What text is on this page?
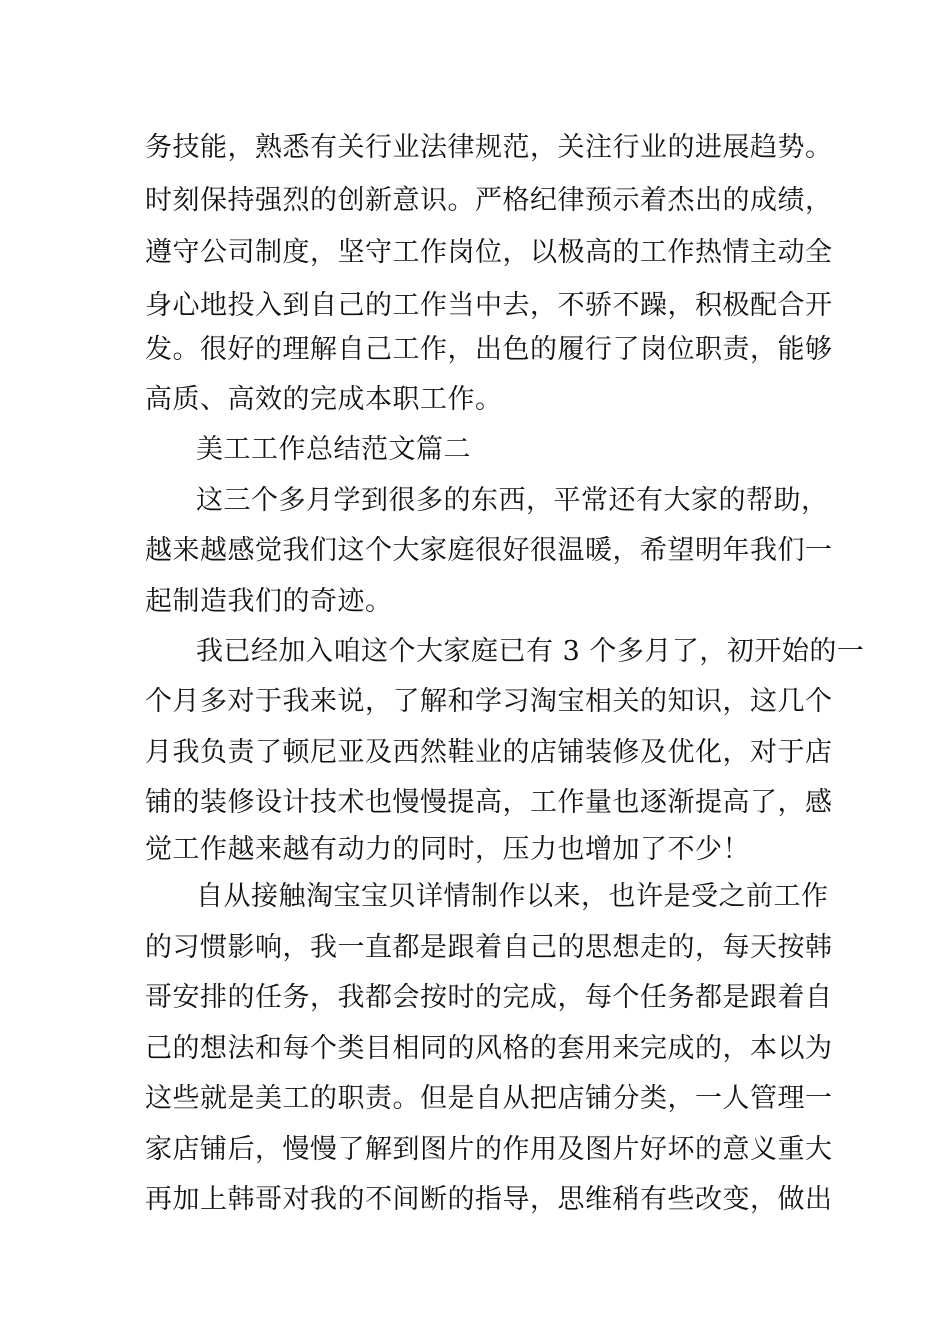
务技能，熟悉有关行业法律规范，关注行业的进展趋势。
时刻保持强烈的创新意识。严格纪律预示着杰出的成绩，
遵守公司制度，坚守工作岗位，以极高的工作热情主动全
身心地投入到自己的工作当中去，不骄不躁，积极配合开
发。很好的理解自己工作，出色的履行了岗位职责，能够
高质、高效的完成本职工作。
美工工作总结范文篇二
这三个多月学到很多的东西，平常还有大家的帮助，
越来越感觉我们这个大家庭很好很温暖，希望明年我们一
起制造我们的奇迹。
我已经加入咱这个大家庭已有 3 个多月了，初开始的一
个月多对于我来说，了解和学习淘宝相关的知识，这几个
月我负责了顿尼亚及西然鞋业的店铺装修及优化，对于店
铺的装修设计技术也慢慢提高，工作量也逐渐提高了，感
觉工作越来越有动力的同时，压力也增加了不少！
自从接触淘宝宝贝详情制作以来，也许是受之前工作
的习惯影响，我一直都是跟着自己的思想走的，每天按韩
哥安排的任务，我都会按时的完成，每个任务都是跟着自
己的想法和每个类目相同的风格的套用来完成的，本以为
这些就是美工的职责。但是自从把店铺分类，一人管理一
家店铺后，慢慢了解到图片的作用及图片好坏的意义重大
再加上韩哥对我的不间断的指导，思维稍有些改变，做出
